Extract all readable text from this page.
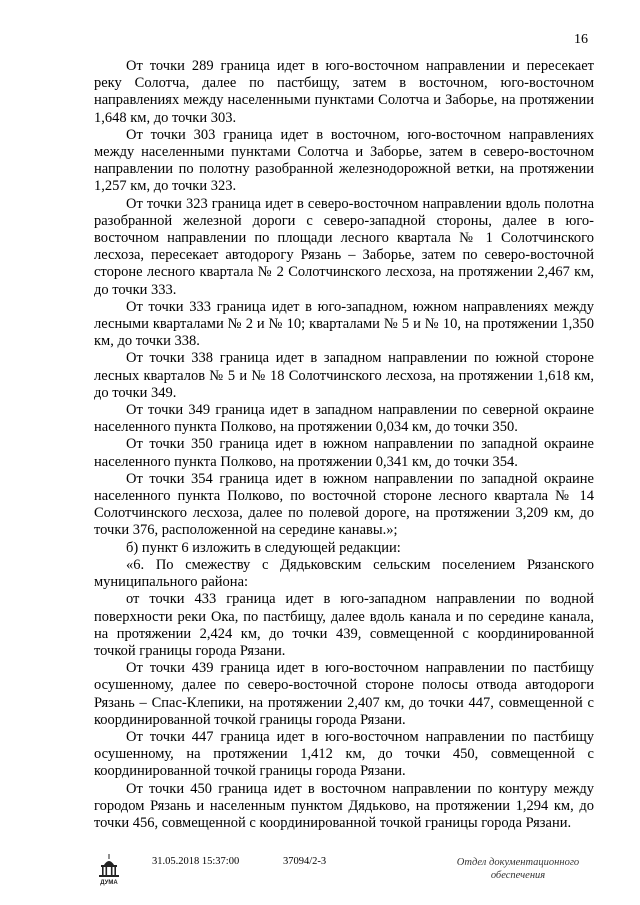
16

От точки 289 граница идет в юго-восточном направлении и пересекает реку Солотча, далее по пастбищу, затем в восточном, юго-восточном направлениях между населенными пунктами Солотча и Заборье, на протяжении 1,648 км, до точки 303.

От точки 303 граница идет в восточном, юго-восточном направлениях между населенными пунктами Солотча и Заборье, затем в северо-восточном направлении по полотну разобранной железнодорожной ветки, на протяжении 1,257 км, до точки 323.

От точки 323 граница идет в северо-восточном направлении вдоль полотна разобранной железной дороги с северо-западной стороны, далее в юго-восточном направлении по площади лесного квартала № 1 Солотчинского лесхоза, пересекает автодорогу Рязань – Заборье, затем по северо-восточной стороне лесного квартала № 2 Солотчинского лесхоза, на протяжении 2,467 км, до точки 333.

От точки 333 граница идет в юго-западном, южном направлениях между лесными кварталами № 2 и № 10; кварталами № 5 и № 10, на протяжении 1,350 км, до точки 338.

От точки 338 граница идет в западном направлении по южной стороне лесных кварталов № 5 и № 18 Солотчинского лесхоза, на протяжении 1,618 км, до точки 349.

От точки 349 граница идет в западном направлении по северной окраине населенного пункта Полково, на протяжении 0,034 км, до точки 350.

От точки 350 граница идет в южном направлении по западной окраине населенного пункта Полково, на протяжении 0,341 км, до точки 354.

От точки 354 граница идет в южном направлении по западной окраине населенного пункта Полково, по восточной стороне лесного квартала № 14 Солотчинского лесхоза, далее по полевой дороге, на протяжении 3,209 км, до точки 376, расположенной на середине канавы.»;

б) пункт 6 изложить в следующей редакции:

«6. По смежеству с Дядьковским сельским поселением Рязанского муниципального района:

от точки 433 граница идет в юго-западном направлении по водной поверхности реки Ока, по пастбищу, далее вдоль канала и по середине канала, на протяжении 2,424 км, до точки 439, совмещенной с координированной точкой границы города Рязани.

От точки 439 граница идет в юго-восточном направлении по пастбищу осушенному, далее по северо-восточной стороне полосы отвода автодороги Рязань – Спас-Клепики, на протяжении 2,407 км, до точки 447, совмещенной с координированной точкой границы города Рязани.

От точки 447 граница идет в юго-восточном направлении по пастбищу осушенному, на протяжении 1,412 км, до точки 450, совмещенной с координированной точкой границы города Рязани.

От точки 450 граница идет в восточном направлении по контуру между городом Рязань и населенным пунктом Дядьково, на протяжении 1,294 км, до точки 456, совмещенной с координированной точкой границы города Рязани.

ДУМА
31.05.2018 15:37:00	37094/2-3	Отдел документационного
обеспечения
